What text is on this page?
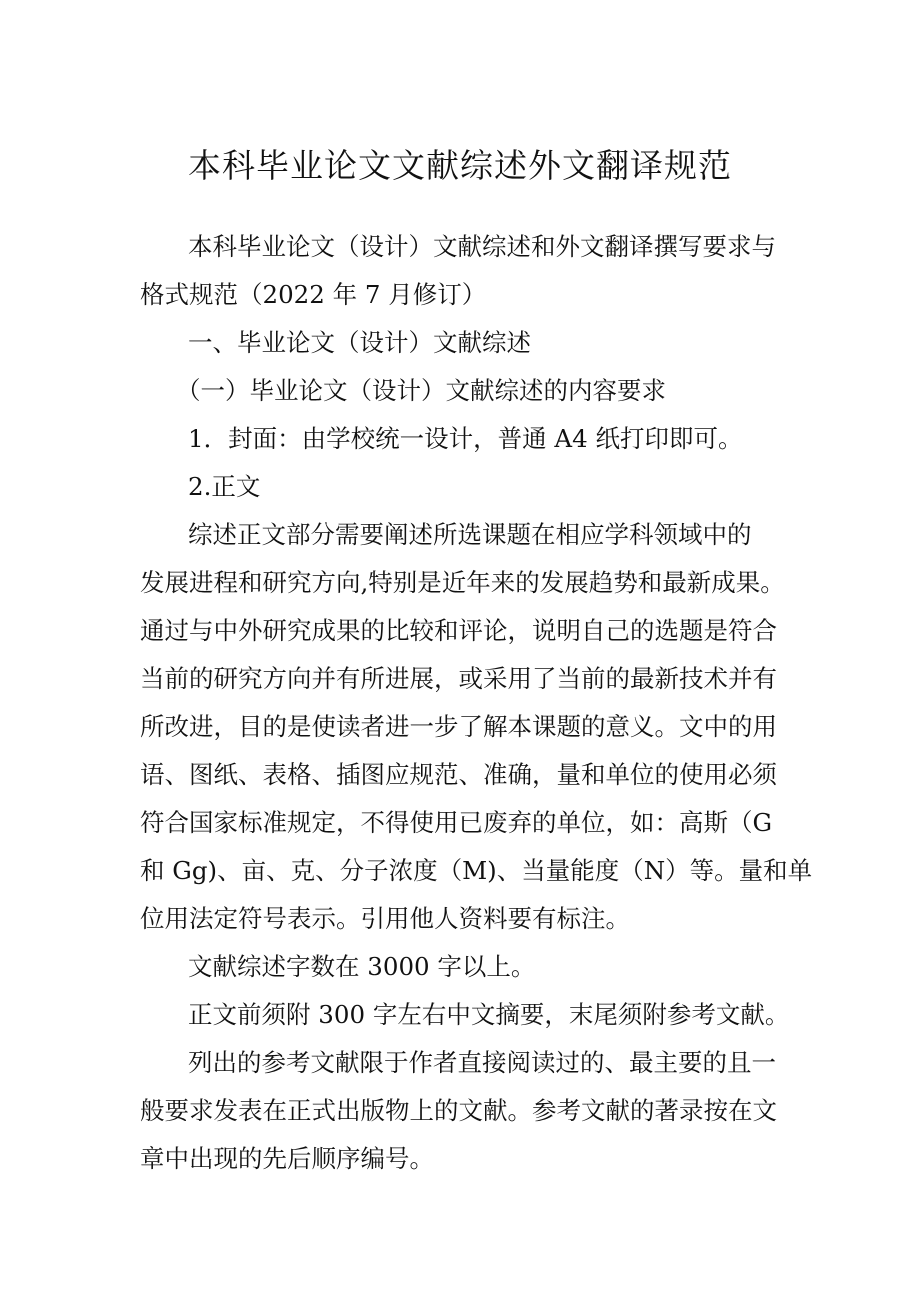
本科毕业论文文献综述外文翻译规范
本科毕业论文（设计）文献综述和外文翻译撰写要求与
格式规范（2022 年 7 月修订）
一、毕业论文（设计）文献综述
（一）毕业论文（设计）文献综述的内容要求
1．封面：由学校统一设计，普通 A4 纸打印即可。
2.正文
综述正文部分需要阐述所选课题在相应学科领域中的
发展进程和研究方向,特别是近年来的发展趋势和最新成果。
通过与中外研究成果的比较和评论，说明自己的选题是符合
当前的研究方向并有所进展，或采用了当前的最新技术并有
所改进，目的是使读者进一步了解本课题的意义。文中的用
语、图纸、表格、插图应规范、准确，量和单位的使用必须
符合国家标准规定，不得使用已废弃的单位，如：高斯（G
和 Gg)、亩、克、分子浓度（M)、当量能度（N）等。量和单
位用法定符号表示。引用他人资料要有标注。
文献综述字数在 3000 字以上。
正文前须附 300 字左右中文摘要，末尾须附参考文献。
列出的参考文献限于作者直接阅读过的、最主要的且一
般要求发表在正式出版物上的文献。参考文献的著录按在文
章中出现的先后顺序编号。
